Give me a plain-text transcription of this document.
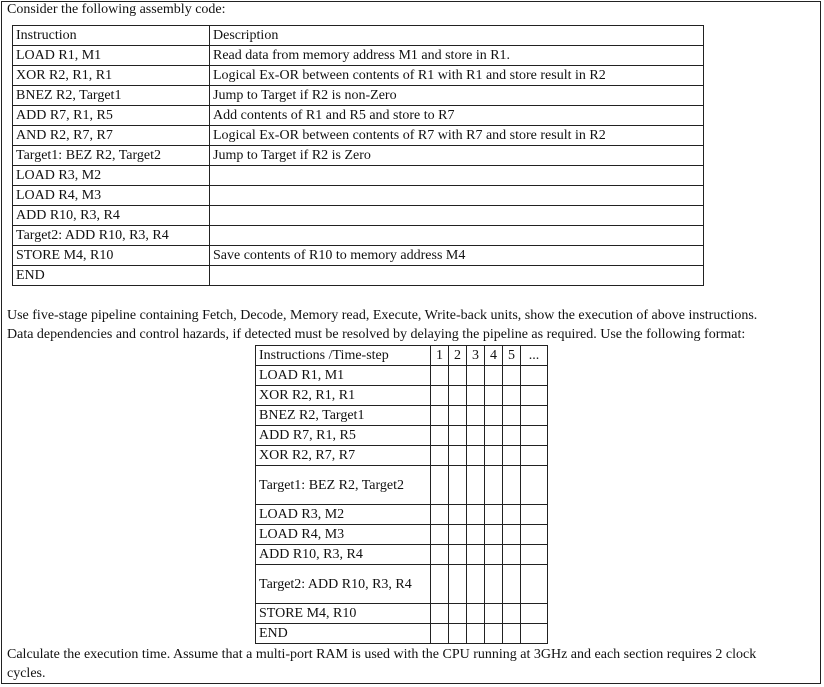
Consider the following assembly code:
Instruction	Description
LOAD R1, M1	Read data from memory address M1 and store in R1.
XOR R2, R1, R1	Logical Ex-OR between contents of R1 with R1 and store result in R2
BNEZ R2, Target1	Jump to Target if R2 is non-Zero
ADD R7, R1, R5	Add contents of R1 and R5 and store to R7
AND R2, R7, R7	Logical Ex-OR between contents of R7 with R7 and store result in R2
Target1: BEZ R2, Target2	Jump to Target if R2 is Zero
LOAD R3, M2	
LOAD R4, M3	
ADD R10, R3, R4	
Target2: ADD R10, R3, R4	
STORE M4, R10	Save contents of R10 to memory address M4
END	
Use five-stage pipeline containing Fetch, Decode, Memory read, Execute, Write-back units, show the execution of above instructions.
Data dependencies and control hazards, if detected must be resolved by delaying the pipeline as required. Use the following format:
Instructions /Time-step	1	2	3	4	5	...
LOAD R1, M1						
XOR R2, R1, R1						
BNEZ R2, Target1						
ADD R7, R1, R5						
XOR R2, R7, R7						
Target1: BEZ R2, Target2						
LOAD R3, M2						
LOAD R4, M3						
ADD R10, R3, R4						
Target2: ADD R10, R3, R4						
STORE M4, R10						
END						
Calculate the execution time. Assume that a multi-port RAM is used with the CPU running at 3GHz and each section requires 2 clock
cycles.
